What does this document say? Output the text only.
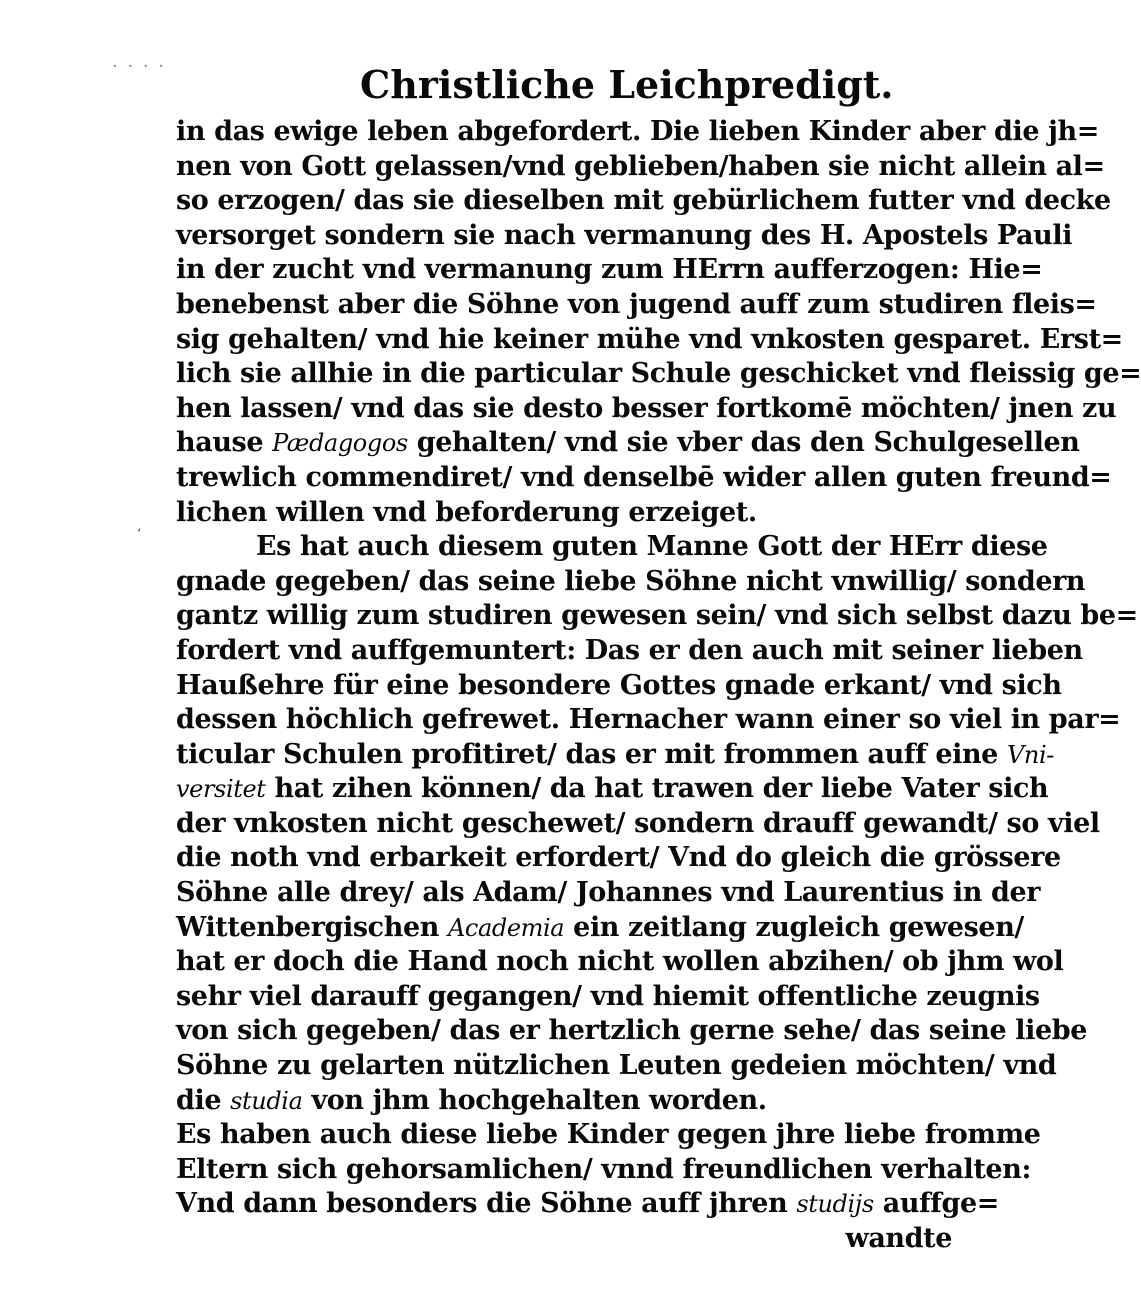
· · · ·
‘
Christliche Leichpredigt.
in das ewige leben abgefordert. Die lieben Kinder aber die jh=
nen von Gott gelassen/vnd geblieben/haben sie nicht allein al=
so erzogen/ das sie dieselben mit gebürlichem futter vnd decke
versorget sondern sie nach vermanung des H. Apostels Pauli
in der zucht vnd vermanung zum HErrn aufferzogen: Hie=
benebenst aber die Söhne von jugend auff zum studiren fleis=
sig gehalten/ vnd hie keiner mühe vnd vnkosten gesparet. Erst=
lich sie allhie in die particular Schule geschicket vnd fleissig ge=
hen lassen/ vnd das sie desto besser fortkomē möchten/ jnen zu
hause Pædagogos gehalten/ vnd sie vber das den Schulgesellen
trewlich commendiret/ vnd denselbē wider allen guten freund=
lichen willen vnd beforderung erzeiget.
Es hat auch diesem guten Manne Gott der HErr diese
gnade gegeben/ das seine liebe Söhne nicht vnwillig/ sondern
gantz willig zum studiren gewesen sein/ vnd sich selbst dazu be=
fordert vnd auffgemuntert: Das er den auch mit seiner lieben
Haußehre für eine besondere Gottes gnade erkant/ vnd sich
dessen höchlich gefrewet. Hernacher wann einer so viel in par=
ticular Schulen profitiret/ das er mit frommen auff eine Vni-
versitet hat zihen können/ da hat trawen der liebe Vater sich
der vnkosten nicht geschewet/ sondern drauff gewandt/ so viel
die noth vnd erbarkeit erfordert/ Vnd do gleich die grössere
Söhne alle drey/ als Adam/ Johannes vnd Laurentius in der
Wittenbergischen Academia ein zeitlang zugleich gewesen/
hat er doch die Hand noch nicht wollen abzihen/ ob jhm wol
sehr viel darauff gegangen/ vnd hiemit offentliche zeugnis
von sich gegeben/ das er hertzlich gerne sehe/ das seine liebe
Söhne zu gelarten nützlichen Leuten gedeien möchten/ vnd
die studia von jhm hochgehalten worden.
Es haben auch diese liebe Kinder gegen jhre liebe fromme
Eltern sich gehorsamlichen/ vnnd freundlichen verhalten:
Vnd dann besonders die Söhne auff jhren studijs auffge=
wandte
